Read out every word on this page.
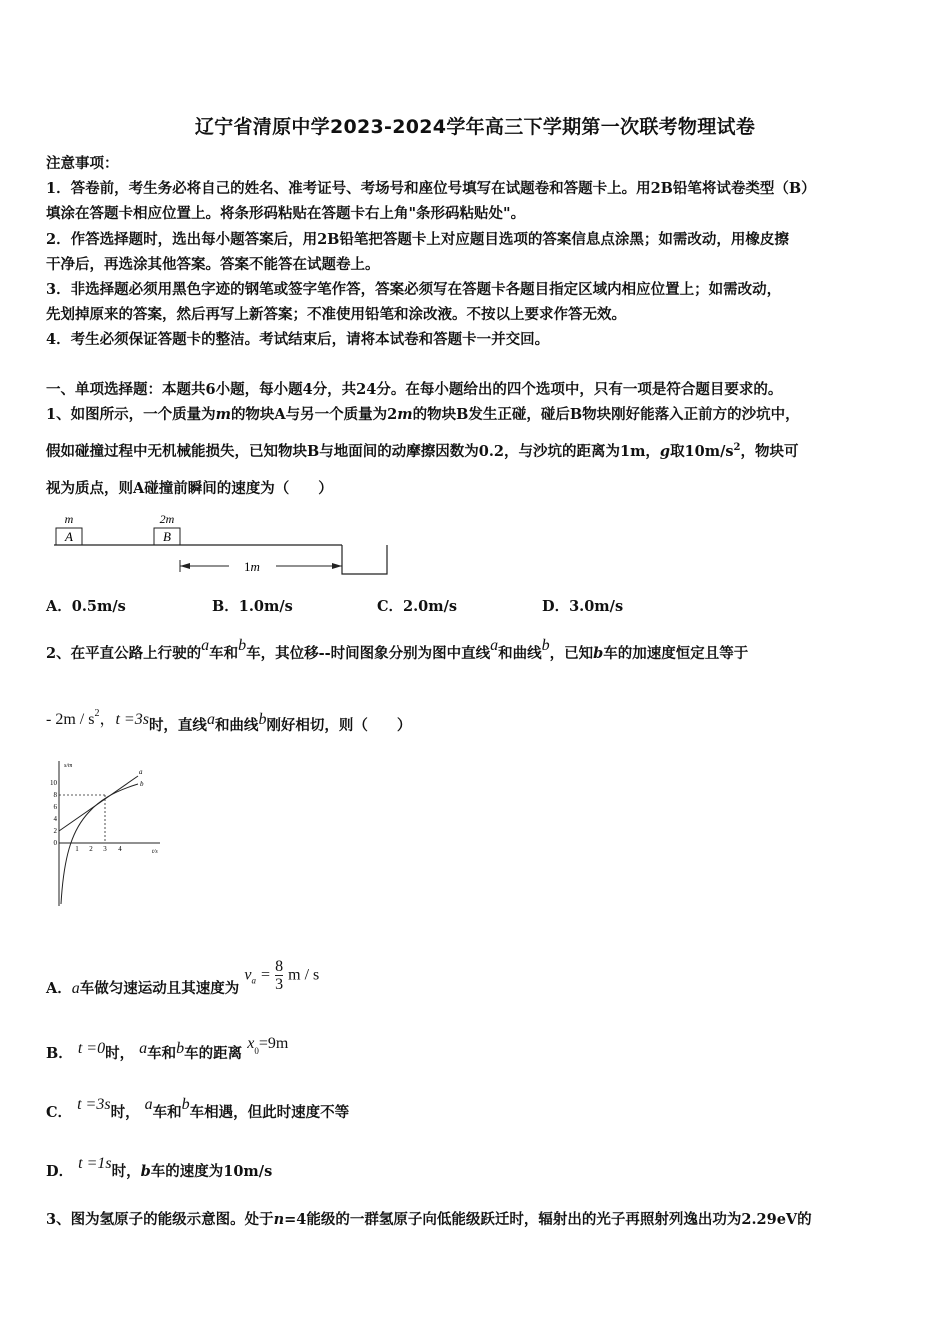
辽宁省清原中学2023-2024学年高三下学期第一次联考物理试卷
注意事项：
1．答卷前，考生务必将自己的姓名、准考证号、考场号和座位号填写在试题卷和答题卡上。用2B铅笔将试卷类型（B）
填涂在答题卡相应位置上。将条形码粘贴在答题卡右上角"条形码粘贴处"。
2．作答选择题时，选出每小题答案后，用2B铅笔把答题卡上对应题目选项的答案信息点涂黑；如需改动，用橡皮擦
干净后，再选涂其他答案。答案不能答在试题卷上。
3．非选择题必须用黑色字迹的钢笔或签字笔作答，答案必须写在答题卡各题目指定区域内相应位置上；如需改动，
先划掉原来的答案，然后再写上新答案；不准使用铅笔和涂改液。不按以上要求作答无效。
4．考生必须保证答题卡的整洁。考试结束后，请将本试卷和答题卡一并交回。
一、单项选择题：本题共6小题，每小题4分，共24分。在每小题给出的四个选项中，只有一项是符合题目要求的。
1、如图所示，一个质量为m的物块A与另一个质量为2m的物块B发生正碰，碰后B物块刚好能落入正前方的沙坑中，
假如碰撞过程中无机械能损失，已知物块B与地面间的动摩擦因数为0.2，与沙坑的距离为1m，g取$10m/s^2$，物块可
视为质点，则A碰撞前瞬间的速度为（　　）
m
A
2m
B
1m
A．0.5m/s	B．1.0m/s	C．2.0m/s	D．3.0m/s
2、在平直公路上行驶的a车和b车，其位移--时间图象分别为图中直线a和曲线b，已知b车的加速度恒定且等于
- $2m / s^2$，t =3s时，直线a和曲线b刚好相切，则（　　）
s/m
t/s
10
8
6
4
2
0
1 2 3 4
a
b
A．a车做匀速运动且其速度为 $v_a = \frac{8}{3}$ m / s
B． t =0时， a车和b车的距离 $x_0=9m$
C． t =3s时， a车和b车相遇，但此时速度不等
D． t =1s时，b车的速度为10m/s
3、图为氢原子的能级示意图。处于n=4能级的一群氢原子向低能级跃迁时，辐射出的光子再照射列逸出功为2.29eV的
